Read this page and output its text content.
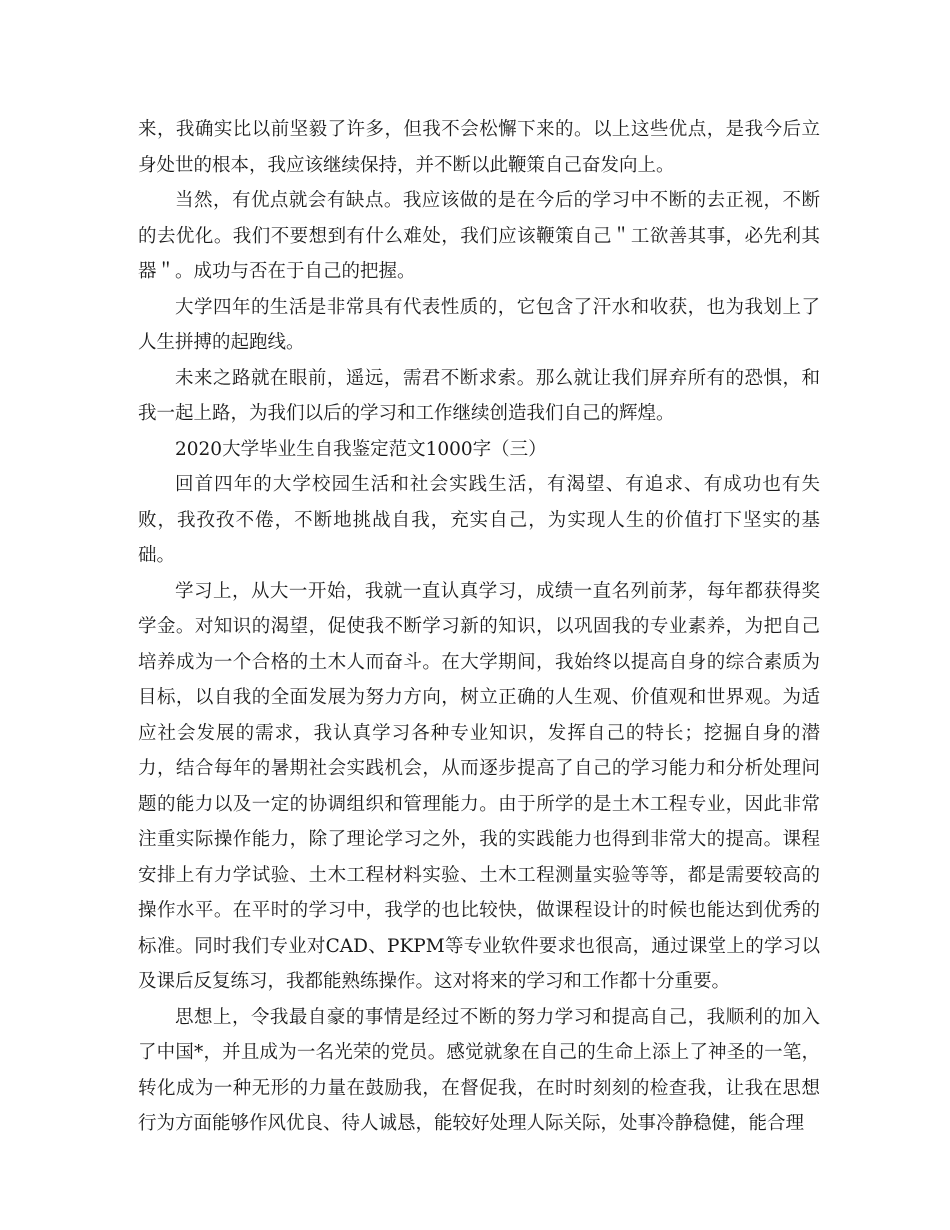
来，我确实比以前坚毅了许多，但我不会松懈下来的。以上这些优点，是我今后立身处世的根本，我应该继续保持，并不断以此鞭策自己奋发向上。

当然，有优点就会有缺点。我应该做的是在今后的学习中不断的去正视，不断的去优化。我们不要想到有什么难处，我们应该鞭策自己＂工欲善其事，必先利其器＂。成功与否在于自己的把握。

大学四年的生活是非常具有代表性质的，它包含了汗水和收获，也为我划上了人生拼搏的起跑线。

未来之路就在眼前，遥远，需君不断求索。那么就让我们屏弃所有的恐惧，和我一起上路，为我们以后的学习和工作继续创造我们自己的辉煌。

2020大学毕业生自我鉴定范文1000字（三）

回首四年的大学校园生活和社会实践生活，有渴望、有追求、有成功也有失败，我孜孜不倦，不断地挑战自我，充实自己，为实现人生的价值打下坚实的基础。

学习上，从大一开始，我就一直认真学习，成绩一直名列前茅，每年都获得奖学金。对知识的渴望，促使我不断学习新的知识，以巩固我的专业素养，为把自己培养成为一个合格的土木人而奋斗。在大学期间，我始终以提高自身的综合素质为目标，以自我的全面发展为努力方向，树立正确的人生观、价值观和世界观。为适应社会发展的需求，我认真学习各种专业知识，发挥自己的特长；挖掘自身的潜力，结合每年的暑期社会实践机会，从而逐步提高了自己的学习能力和分析处理问题的能力以及一定的协调组织和管理能力。由于所学的是土木工程专业，因此非常注重实际操作能力，除了理论学习之外，我的实践能力也得到非常大的提高。课程安排上有力学试验、土木工程材料实验、土木工程测量实验等等，都是需要较高的操作水平。在平时的学习中，我学的也比较快，做课程设计的时候也能达到优秀的标准。同时我们专业对CAD、PKPM等专业软件要求也很高，通过课堂上的学习以及课后反复练习，我都能熟练操作。这对将来的学习和工作都十分重要。

思想上，令我最自豪的事情是经过不断的努力学习和提高自己，我顺利的加入了中国*，并且成为一名光荣的党员。感觉就象在自己的生命上添上了神圣的一笔，转化成为一种无形的力量在鼓励我，在督促我，在时时刻刻的检查我，让我在思想行为方面能够作风优良、待人诚恳，能较好处理人际关际，处事冷静稳健，能合理
